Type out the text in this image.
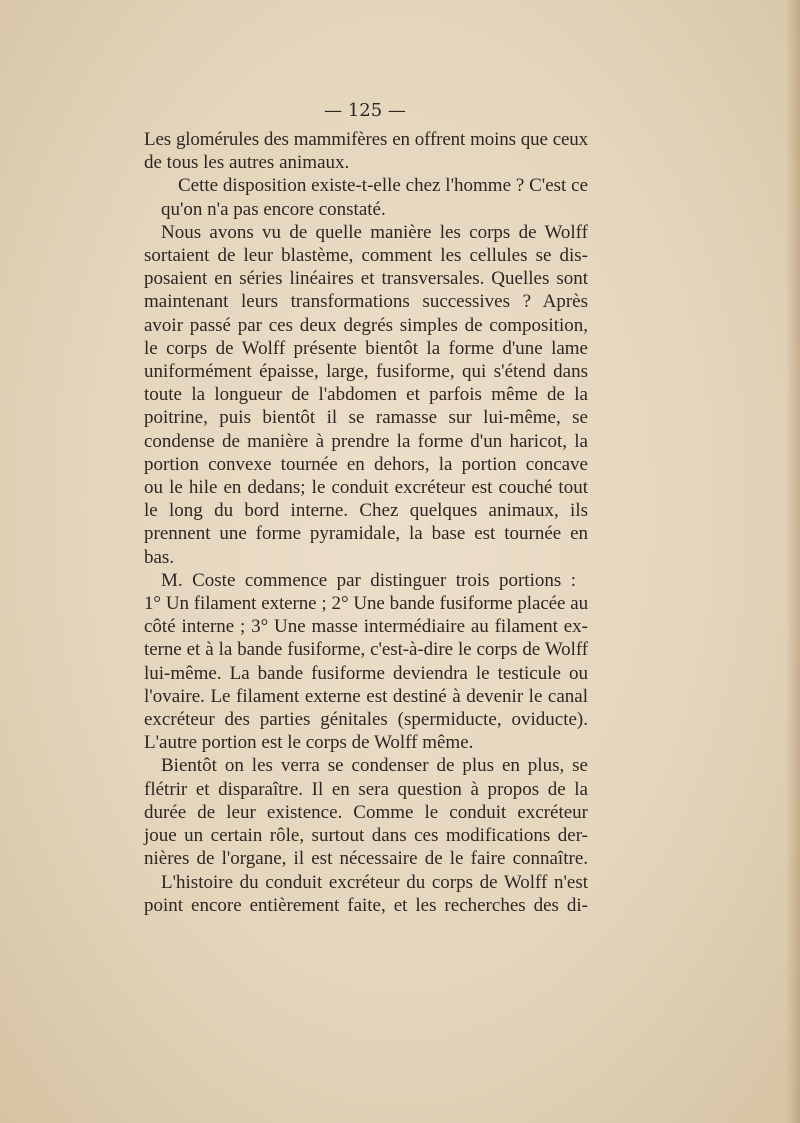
— 125 —

Les glomérules des mammifères en offrent moins que ceux
de tous les autres animaux.

Cette disposition existe-t-elle chez l'homme ? C'est ce
qu'on n'a pas encore constaté.

Nous avons vu de quelle manière les corps de Wolff
sortaient de leur blastème, comment les cellules se dis-
posaient en séries linéaires et transversales. Quelles sont
maintenant leurs transformations successives ? Après
avoir passé par ces deux degrés simples de composition,
le corps de Wolff présente bientôt la forme d'une lame
uniformément épaisse, large, fusiforme, qui s'étend dans
toute la longueur de l'abdomen et parfois même de la
poitrine, puis bientôt il se ramasse sur lui-même, se
condense de manière à prendre la forme d'un haricot, la
portion convexe tournée en dehors, la portion concave
ou le hile en dedans; le conduit excréteur est couché tout
le long du bord interne. Chez quelques animaux, ils
prennent une forme pyramidale, la base est tournée en
bas.

M. Coste commence par distinguer trois portions :
1° Un filament externe ; 2° Une bande fusiforme placée au
côté interne ; 3° Une masse intermédiaire au filament ex-
terne et à la bande fusiforme, c'est-à-dire le corps de Wolff
lui-même. La bande fusiforme deviendra le testicule ou
l'ovaire. Le filament externe est destiné à devenir le canal
excréteur des parties génitales (spermiducte, oviducte).
L'autre portion est le corps de Wolff même.

Bientôt on les verra se condenser de plus en plus, se
flétrir et disparaître. Il en sera question à propos de la
durée de leur existence. Comme le conduit excréteur
joue un certain rôle, surtout dans ces modifications der-
nières de l'organe, il est nécessaire de le faire connaître.

L'histoire du conduit excréteur du corps de Wolff n'est
point encore entièrement faite, et les recherches des di-
